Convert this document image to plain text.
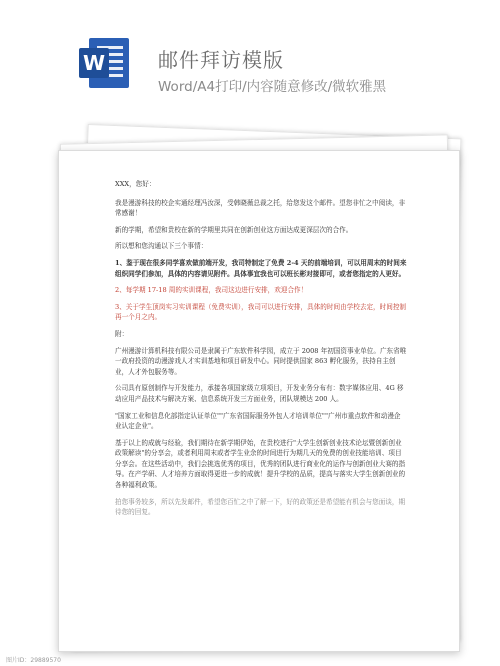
W	邮件拜访模版
Word/A4打印/内容随意修改/微软雅黑

XXX，您好：

我是漫游科技的校企实通经理冯汝深，受韩晓薇总裁之托，给您发这个邮件。望您非忙之中阅读，非常感谢！

新的学期，希望和贵校在新的学期里共同在创新创业这方面达成更深层次的合作。

所以想和您沟通以下三个事情：

1、鉴于现在很多同学喜欢做前端开发，我司特制定了免费 2-4 天的前端培训，可以用周末的时间来组织同学们参加，具体的内容请见附件。具体事宜我也可以班长彬对接即可，或者您指定的人更好。

2、每学期 17-18 周的实训课程，我司这边进行安排，欢迎合作！

3、关于学生顶岗实习实训课程（免费实训），我司可以进行安排，具体的时间由学校去定，时间控制再一个月之内。

附：

广州漫游计算机科技有限公司是隶属于广东软件科学园，成立于 2008 年初国资事业单位。广东省唯一政府投资的动漫游戏人才实训基地和项目研发中心。同时提供国家 863 孵化服务，扶持自主创业，人才外包服务等。

公司具有原创制作与开发能力，承接各项国家级立项项目，开发业务分布有：数字媒体应用、4G 移动应用产品技术与解决方案、信息系统开发三方面业务，团队规模达 200 人。

"国家工业和信息化部指定认证单位""广东省国际服务外包人才培训单位""广州市重点软件和动漫企业认定企业"。

基于以上的成就与经验，我们期待在新学期伊始，在贵校进行"大学生创新创业技术论坛暨创新创业政策解读"的分享会，或者利用周末或者学生业余的时间进行为期几天的免费的创业技能培训、项目分享会。在这些活动中，我们会挑选优秀的项目，优秀的团队进行商业化的运作与创新创业大赛的指导。在产学研、人才培养方面取得更进一步的成就！提升学校的品质，提高与落实大学生创新创业的各种福利政策。

拍您事务较多，所以先发邮件，希望您百忙之中了解一下，好的政策还是希望能有机会与您面谈，期待您的回复。

图片ID：29889570
